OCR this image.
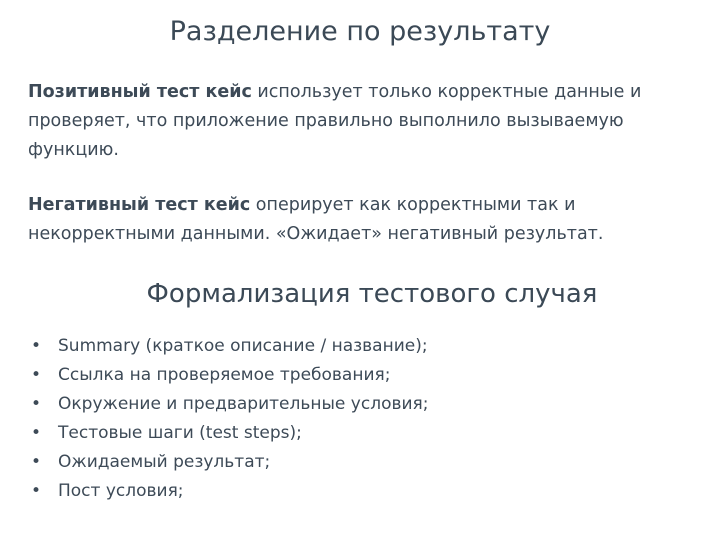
Разделение по результату
Позитивный тест кейс использует только корректные данные и проверяет, что приложение правильно выполнило вызываемую функцию.
Негативный тест кейс оперирует как корректными так и некорректными данными. «Ожидает» негативный результат.
Формализация тестового случая
• Summary (краткое описание / название);
• Ссылка на проверяемое требования;
• Окружение и предварительные условия;
• Тестовые шаги (test steps);
• Ожидаемый результат;
• Пост условия;
